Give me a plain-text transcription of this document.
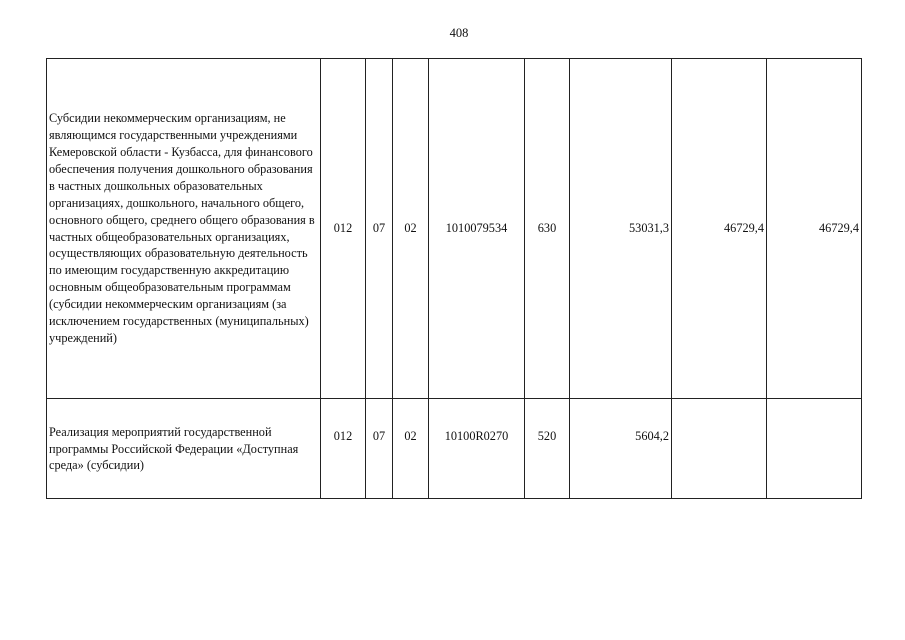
408
Субсидии некоммерческим организациям, не являющимся государственными учреждениями Кемеровской области - Кузбасса, для финансового обеспечения получения дошкольного образования в частных дошкольных образовательных организациях, дошкольного, начального общего, основного общего, среднего общего образования в частных общеобразовательных организациях, осуществляющих образовательную деятельность по имеющим государственную аккредитацию основным общеобразовательным программам (субсидии некоммерческим организациям (за исключением государственных (муниципальных) учреждений)	012	07	02	1010079534	630	53031,3	46729,4	46729,4
Реализация мероприятий государственной программы Российской Федерации «Доступная среда» (субсидии)	012	07	02	10100R0270	520	5604,2		
